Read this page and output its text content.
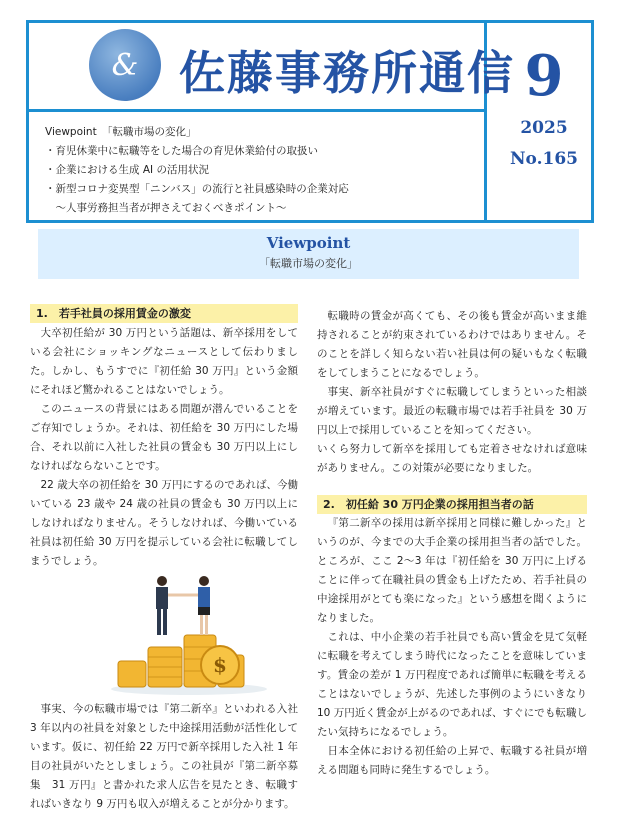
& 佐藤事務所通信
Viewpoint　「転職市場の変化」
・育児休業中に転職等をした場合の育児休業給付の取扱い
・企業における生成 AI の活用状況
・新型コロナ変異型「ニンバス」の流行と社員感染時の企業対応
　〜人事労務担当者が押さえておくべきポイント〜
9
2025
No.165
Viewpoint
「転職市場の変化」
1.　若手社員の採用賃金の激変

大卒初任給が 30 万円という話題は、新卒採用をしている会社にショッキングなニュースとして伝わりました。しかし、もうすでに『初任給 30 万円』という金額にそれほど驚かれることはないでしょう。

このニュースの背景にはある問題が潜んでいることをご存知でしょうか。それは、初任給を 30 万円にした場合、それ以前に入社した社員の賃金も 30 万円以上にしなければならないことです。

22 歳大卒の初任給を 30 万円にするのであれば、今働いている 23 歳や 24 歳の社員の賃金も 30 万円以上にしなければなりません。そうしなければ、今働いている社員は初任給 30 万円を提示している会社に転職してしまうでしょう。

$

事実、今の転職市場では『第二新卒』といわれる入社 3 年以内の社員を対象とした中途採用活動が活性化しています。仮に、初任給 22 万円で新卒採用した入社 1 年目の社員がいたとしましょう。この社員が『第二新卒募集　31 万円』と書かれた求人広告を見たとき、転職すればいきなり 9 万円も収入が増えることが分かります。

転職時の賃金が高くても、その後も賃金が高いまま維持されることが約束されているわけではありません。そのことを詳しく知らない若い社員は何の疑いもなく転職をしてしまうことになるでしょう。

事実、新卒社員がすぐに転職してしまうといった相談が増えています。最近の転職市場では若手社員を 30 万円以上で採用していることを知ってください。

いくら努力して新卒を採用しても定着させなければ意味がありません。この対策が必要になりました。

2.　初任給 30 万円企業の採用担当者の話

『第二新卒の採用は新卒採用と同様に難しかった』というのが、今までの大手企業の採用担当者の話でした。ところが、ここ 2〜3 年は『初任給を 30 万円に上げることに伴って在職社員の賃金も上げたため、若手社員の中途採用がとても楽になった』という感想を聞くようになりました。

これは、中小企業の若手社員でも高い賃金を見て気軽に転職を考えてしまう時代になったことを意味しています。賃金の差が 1 万円程度であれば簡単に転職を考えることはないでしょうが、先述した事例のようにいきなり 10 万円近く賃金が上がるのであれば、すぐにでも転職したい気持ちになるでしょう。

日本全体における初任給の上昇で、転職する社員が増える問題も同時に発生するでしょう。
